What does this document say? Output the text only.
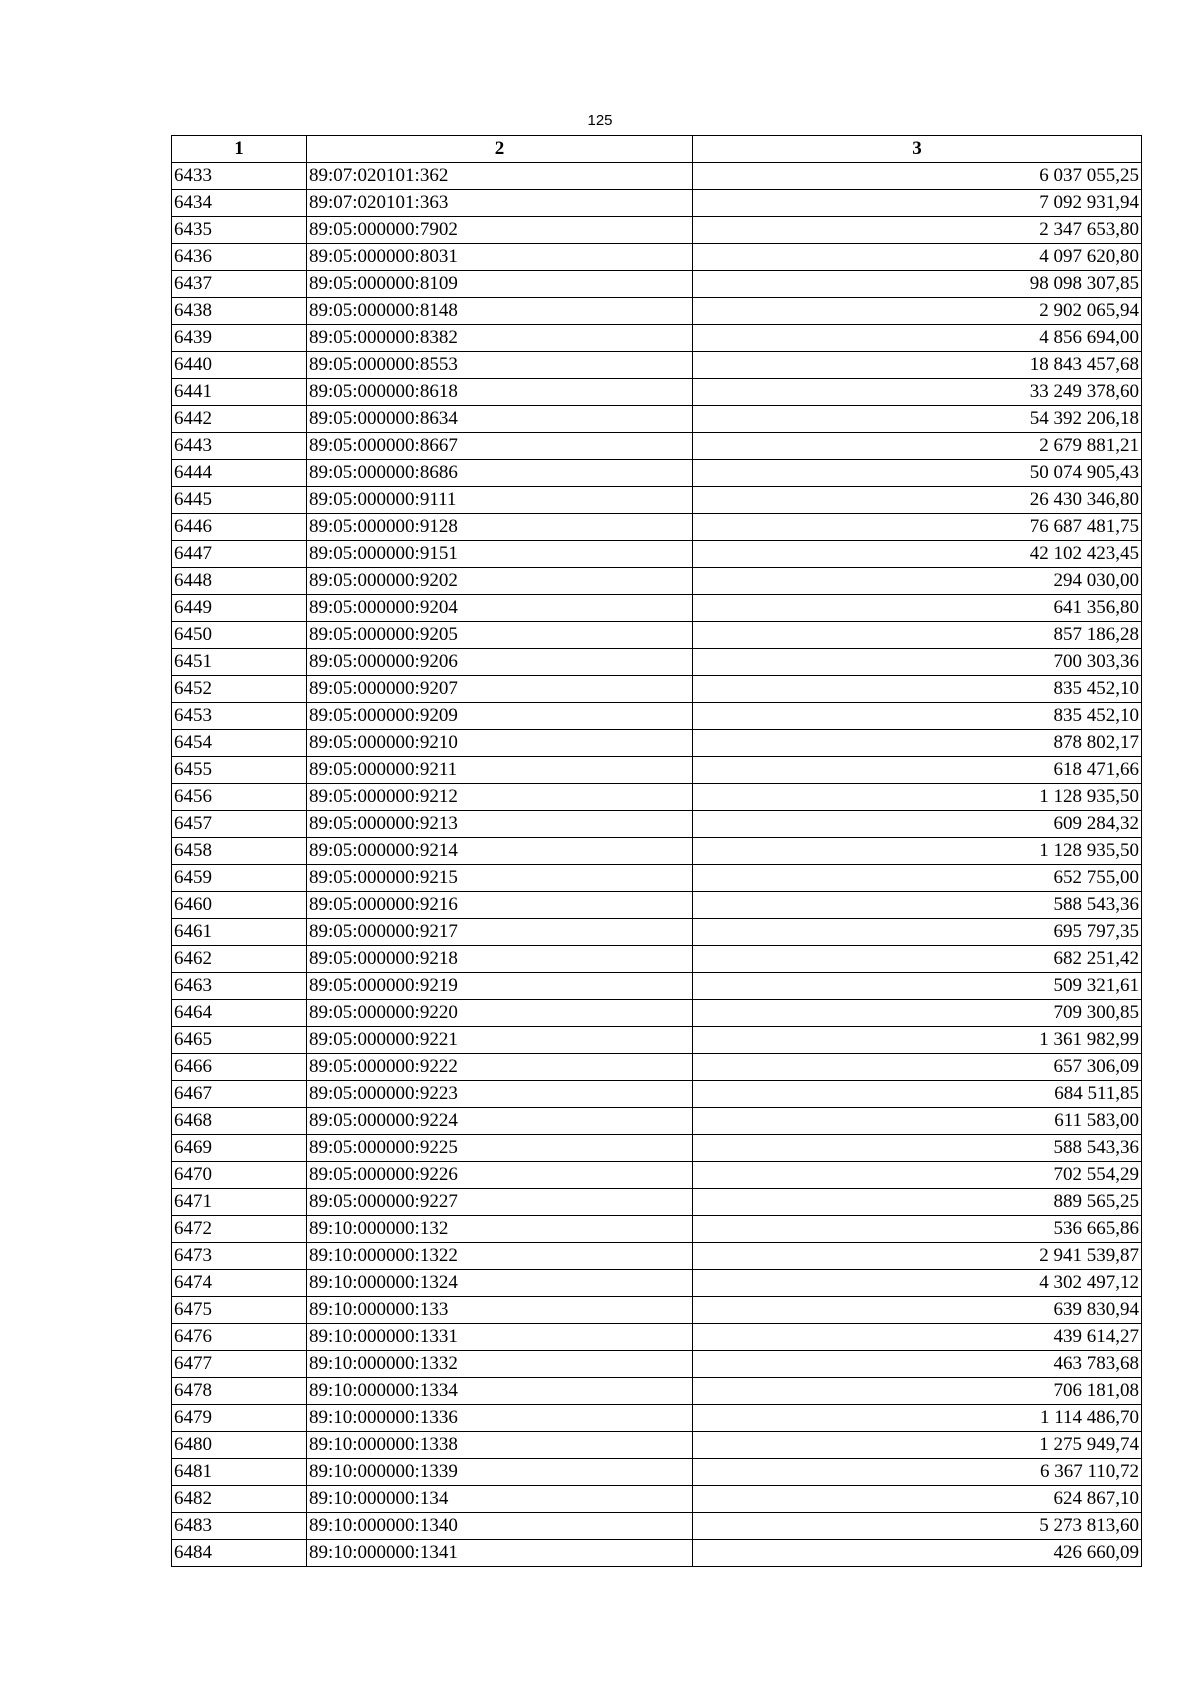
125
1	2	3
6433	89:07:020101:362	6 037 055,25
6434	89:07:020101:363	7 092 931,94
6435	89:05:000000:7902	2 347 653,80
6436	89:05:000000:8031	4 097 620,80
6437	89:05:000000:8109	98 098 307,85
6438	89:05:000000:8148	2 902 065,94
6439	89:05:000000:8382	4 856 694,00
6440	89:05:000000:8553	18 843 457,68
6441	89:05:000000:8618	33 249 378,60
6442	89:05:000000:8634	54 392 206,18
6443	89:05:000000:8667	2 679 881,21
6444	89:05:000000:8686	50 074 905,43
6445	89:05:000000:9111	26 430 346,80
6446	89:05:000000:9128	76 687 481,75
6447	89:05:000000:9151	42 102 423,45
6448	89:05:000000:9202	294 030,00
6449	89:05:000000:9204	641 356,80
6450	89:05:000000:9205	857 186,28
6451	89:05:000000:9206	700 303,36
6452	89:05:000000:9207	835 452,10
6453	89:05:000000:9209	835 452,10
6454	89:05:000000:9210	878 802,17
6455	89:05:000000:9211	618 471,66
6456	89:05:000000:9212	1 128 935,50
6457	89:05:000000:9213	609 284,32
6458	89:05:000000:9214	1 128 935,50
6459	89:05:000000:9215	652 755,00
6460	89:05:000000:9216	588 543,36
6461	89:05:000000:9217	695 797,35
6462	89:05:000000:9218	682 251,42
6463	89:05:000000:9219	509 321,61
6464	89:05:000000:9220	709 300,85
6465	89:05:000000:9221	1 361 982,99
6466	89:05:000000:9222	657 306,09
6467	89:05:000000:9223	684 511,85
6468	89:05:000000:9224	611 583,00
6469	89:05:000000:9225	588 543,36
6470	89:05:000000:9226	702 554,29
6471	89:05:000000:9227	889 565,25
6472	89:10:000000:132	536 665,86
6473	89:10:000000:1322	2 941 539,87
6474	89:10:000000:1324	4 302 497,12
6475	89:10:000000:133	639 830,94
6476	89:10:000000:1331	439 614,27
6477	89:10:000000:1332	463 783,68
6478	89:10:000000:1334	706 181,08
6479	89:10:000000:1336	1 114 486,70
6480	89:10:000000:1338	1 275 949,74
6481	89:10:000000:1339	6 367 110,72
6482	89:10:000000:134	624 867,10
6483	89:10:000000:1340	5 273 813,60
6484	89:10:000000:1341	426 660,09
